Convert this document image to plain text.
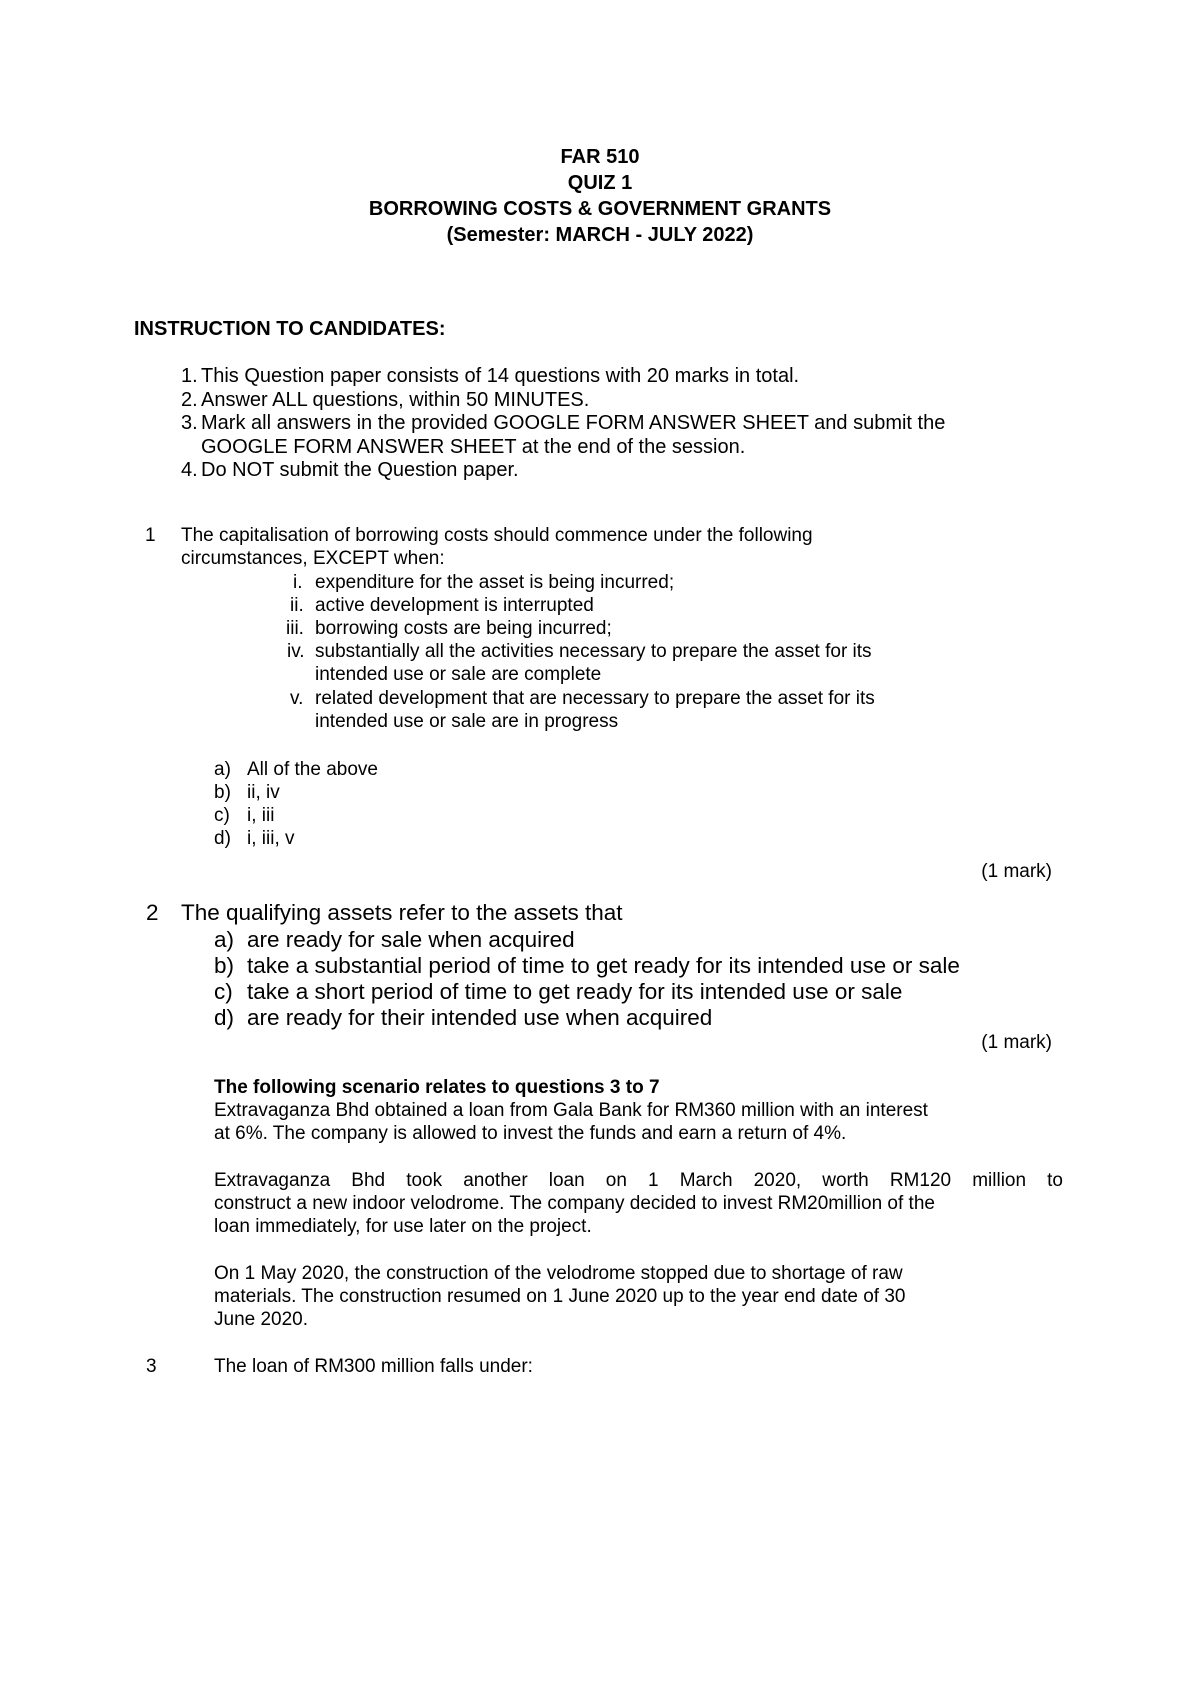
FAR 510
QUIZ 1
BORROWING COSTS & GOVERNMENT GRANTS
(Semester: MARCH - JULY 2022)
INSTRUCTION TO CANDIDATES:
1. This Question paper consists of 14 questions with 20 marks in total.
2. Answer ALL questions, within 50 MINUTES.
3. Mark all answers in the provided GOOGLE FORM ANSWER SHEET and submit the
GOOGLE FORM ANSWER SHEET at the end of the session.
4. Do NOT submit the Question paper.
1 The capitalisation of borrowing costs should commence under the following
circumstances, EXCEPT when:
i. expenditure for the asset is being incurred;
ii. active development is interrupted
iii. borrowing costs are being incurred;
iv. substantially all the activities necessary to prepare the asset for its
intended use or sale are complete
v. related development that are necessary to prepare the asset for its
intended use or sale are in progress
a) All of the above
b) ii, iv
c) i, iii
d) i, iii, v
(1 mark)
2 The qualifying assets refer to the assets that
a) are ready for sale when acquired
b) take a substantial period of time to get ready for its intended use or sale
c) take a short period of time to get ready for its intended use or sale
d) are ready for their intended use when acquired
(1 mark)
The following scenario relates to questions 3 to 7
Extravaganza Bhd obtained a loan from Gala Bank for RM360 million with an interest
at 6%. The company is allowed to invest the funds and earn a return of 4%.
Extravaganza Bhd took another loan on 1 March 2020, worth RM120 million to
construct a new indoor velodrome. The company decided to invest RM20million of the
loan immediately, for use later on the project.
On 1 May 2020, the construction of the velodrome stopped due to shortage of raw
materials. The construction resumed on 1 June 2020 up to the year end date of 30
June 2020.
3	The loan of RM300 million falls under:
